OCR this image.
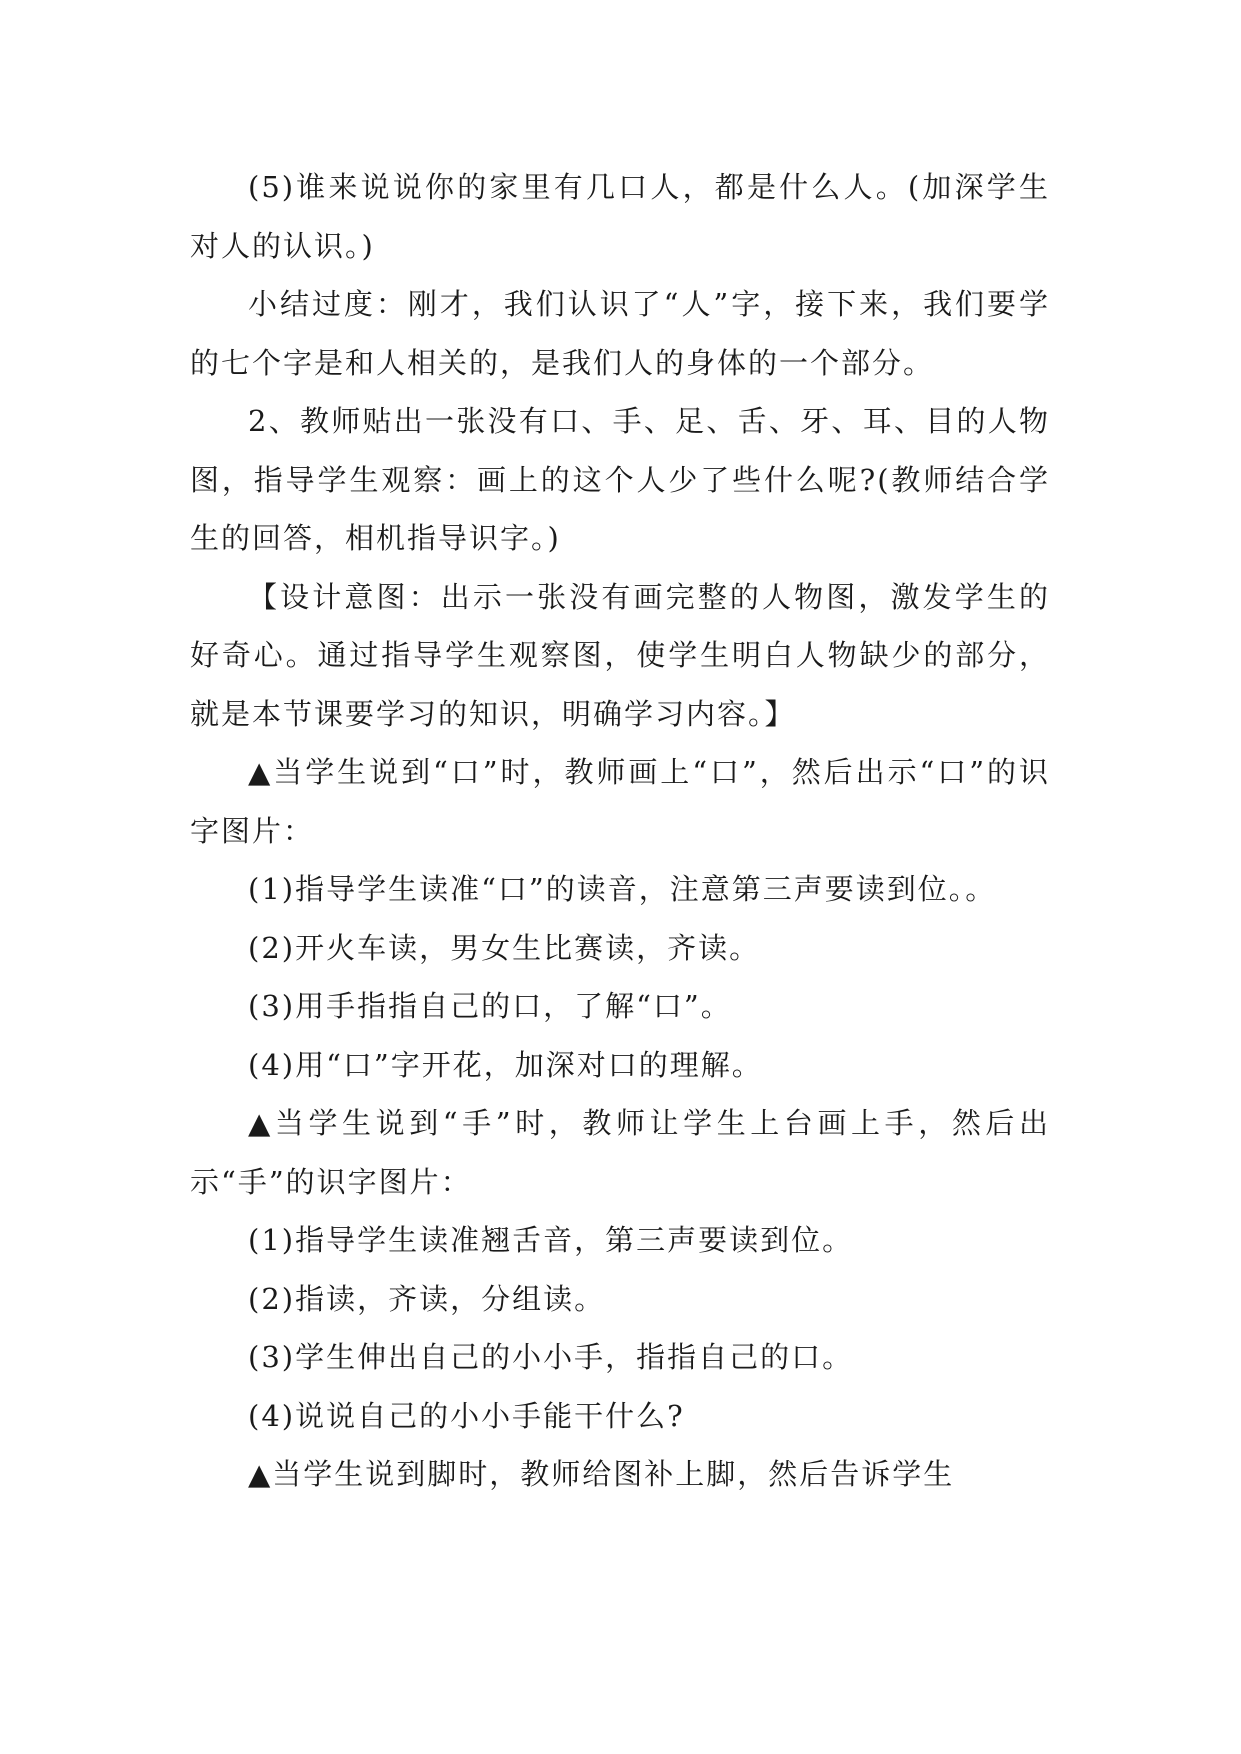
(5)谁来说说你的家里有几口人，都是什么人。(加深学生对人的认识。)

小结过度：刚才，我们认识了“人”字，接下来，我们要学的七个字是和人相关的，是我们人的身体的一个部分。

2、教师贴出一张没有口、手、足、舌、牙、耳、目的人物图，指导学生观察：画上的这个人少了些什么呢?(教师结合学生的回答，相机指导识字。)

【设计意图：出示一张没有画完整的人物图，激发学生的好奇心。通过指导学生观察图，使学生明白人物缺少的部分，就是本节课要学习的知识，明确学习内容。】

▲当学生说到“口”时，教师画上“口”，然后出示“口”的识字图片：

(1)指导学生读准“口”的读音，注意第三声要读到位。。

(2)开火车读，男女生比赛读，齐读。

(3)用手指指自己的口，了解“口”。

(4)用“口”字开花，加深对口的理解。

▲当学生说到“手”时，教师让学生上台画上手，然后出示“手”的识字图片：

(1)指导学生读准翘舌音，第三声要读到位。

(2)指读，齐读，分组读。

(3)学生伸出自己的小小手，指指自己的口。

(4)说说自己的小小手能干什么?

▲当学生说到脚时，教师给图补上脚，然后告诉学生
